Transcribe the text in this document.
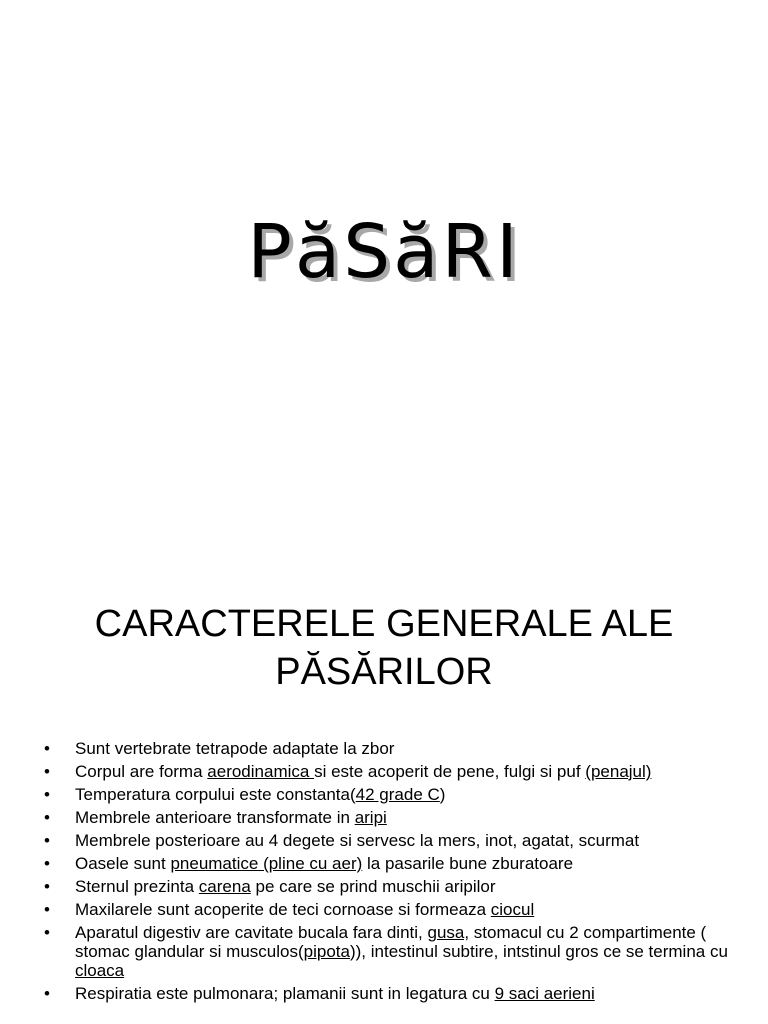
PăSăRI
CARACTERELE GENERALE ALE
PĂSĂRILOR
• Sunt vertebrate tetrapode adaptate la zbor
• Corpul are forma aerodinamica si este acoperit de pene, fulgi si puf (penajul)
• Temperatura corpului este constanta(42 grade C)
• Membrele anterioare transformate in aripi
• Membrele posterioare au 4 degete si servesc la mers, inot, agatat, scurmat
• Oasele sunt pneumatice (pline cu aer) la pasarile bune zburatoare
• Sternul prezinta carena pe care se prind muschii aripilor
• Maxilarele sunt acoperite de teci cornoase si formeaza ciocul
• Aparatul digestiv are cavitate bucala fara dinti, gusa, stomacul cu 2 compartimente ( stomac glandular si musculos(pipota)), intestinul subtire, intstinul gros ce se termina cu cloaca
• Respiratia este pulmonara; plamanii sunt in legatura cu 9 saci aerieni
